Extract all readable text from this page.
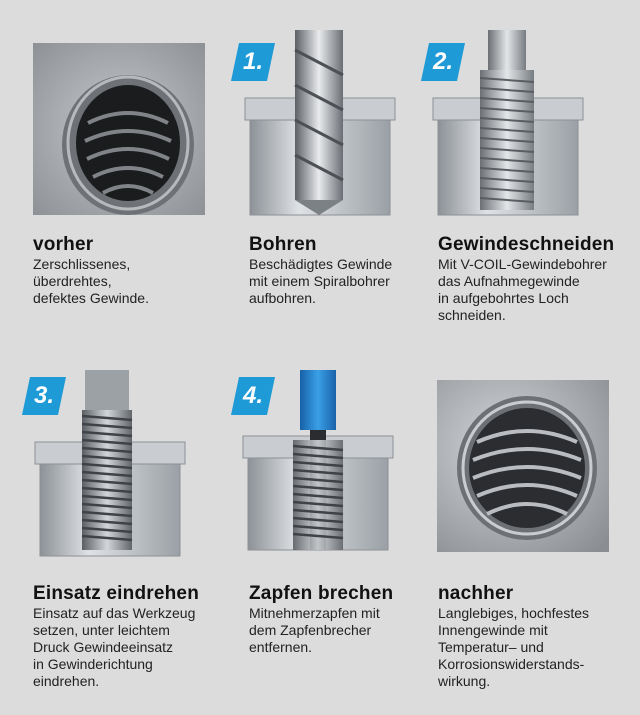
vorher
Zerschlissenes,
überdrehtes,
defektes Gewinde.
1.
Bohren
Beschädigtes Gewinde
mit einem Spiralbohrer
aufbohren.
2.
Gewindeschneiden
Mit V-COIL-Gewindebohrer
das Aufnahmegewinde
in aufgebohrtes Loch
schneiden.
3.
Einsatz eindrehen
Einsatz auf das Werkzeug
setzen, unter leichtem
Druck Gewindeeinsatz
in Gewinderichtung
eindrehen.
4.
Zapfen brechen
Mitnehmerzapfen mit
dem Zapfenbrecher
entfernen.
nachher
Langlebiges, hochfestes
Innengewinde mit
Temperatur– und
Korrosionswiderstands-
wirkung.
